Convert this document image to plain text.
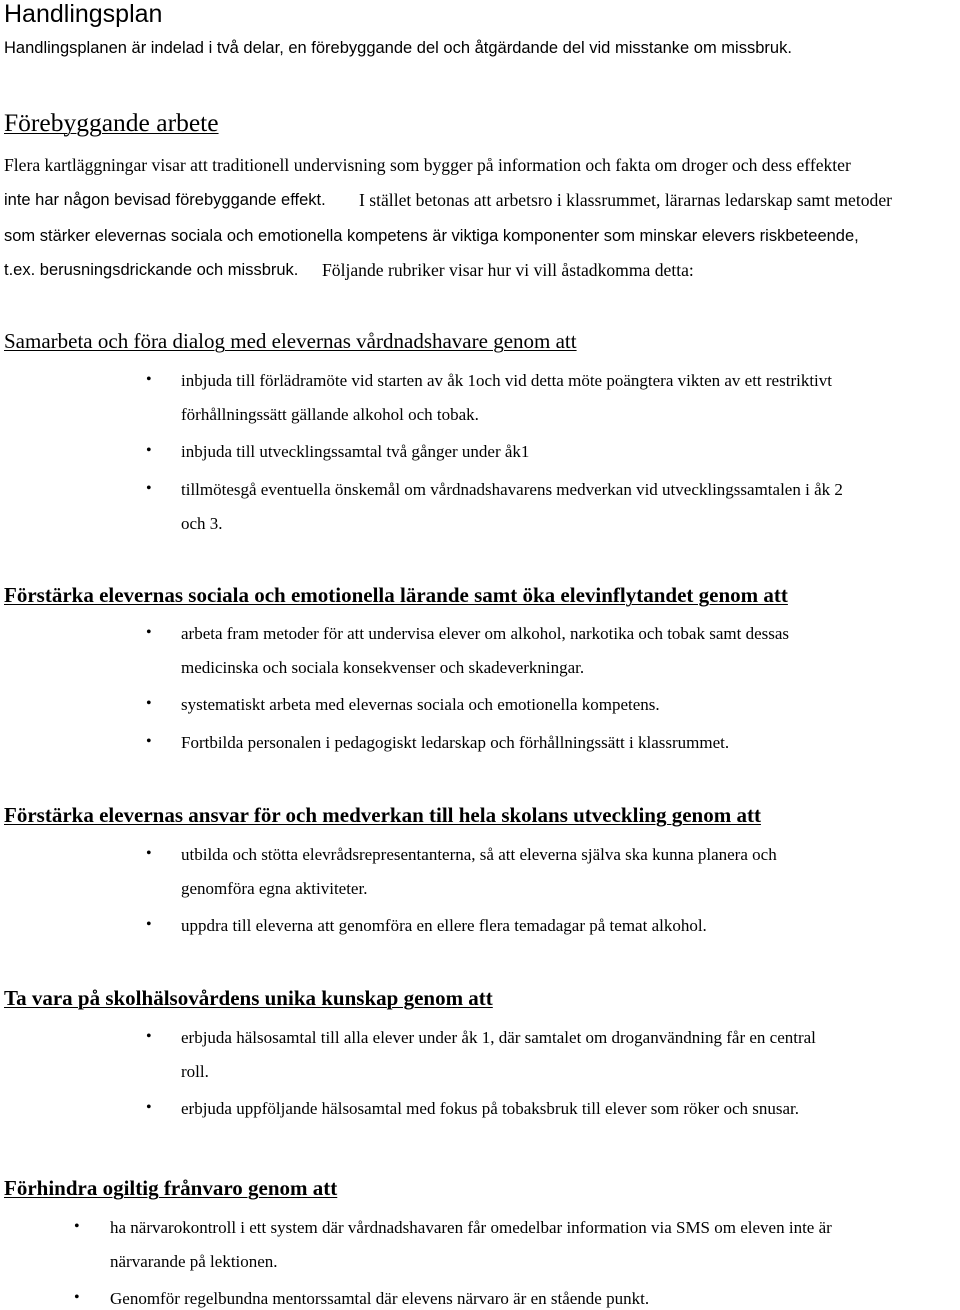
Handlingsplan
Handlingsplanen är indelad i två delar, en förebyggande del och åtgärdande del vid misstanke om missbruk.
Förebyggande arbete
Flera kartläggningar visar att traditionell undervisning som bygger på information och fakta om droger och dess effekter
inte har någon bevisad förebyggande effekt. I stället betonas att arbetsro i klassrummet, lärarnas ledarskap samt metoder
som stärker elevernas sociala och emotionella kompetens är viktiga komponenter som minskar elevers riskbeteende,
t.ex. berusningsdrickande och missbruk. Följande rubriker visar hur vi vill åstadkomma detta:
Samarbeta och föra dialog med elevernas vårdnadshavare genom att
• inbjuda till förlädramöte vid starten av åk 1och vid detta möte poängtera vikten av ett restriktivt
förhållningssätt gällande alkohol och tobak.
• inbjuda till utvecklingssamtal två gånger under åk1
• tillmötesgå eventuella önskemål om vårdnadshavarens medverkan vid utvecklingssamtalen i åk 2
och 3.
Förstärka elevernas sociala och emotionella lärande samt öka elevinflytandet genom att
• arbeta fram metoder för att undervisa elever om alkohol, narkotika och tobak samt dessas
medicinska och sociala konsekvenser och skadeverkningar.
• systematiskt arbeta med elevernas sociala och emotionella kompetens.
• Fortbilda personalen i pedagogiskt ledarskap och förhållningssätt i klassrummet.
Förstärka elevernas ansvar för och medverkan till hela skolans utveckling genom att
• utbilda och stötta elevrådsrepresentanterna, så att eleverna själva ska kunna planera och
genomföra egna aktiviteter.
• uppdra till eleverna att genomföra en ellere flera temadagar på temat alkohol.
Ta vara på skolhälsovårdens unika kunskap genom att
• erbjuda hälsosamtal till alla elever under åk 1, där samtalet om droganvändning får en central
roll.
• erbjuda uppföljande hälsosamtal med fokus på tobaksbruk till elever som röker och snusar.
Förhindra ogiltig frånvaro genom att
• ha närvarokontroll i ett system där vårdnadshavaren får omedelbar information via SMS om eleven inte är
närvarande på lektionen.
• Genomför regelbundna mentorssamtal där elevens närvaro är en stående punkt.
